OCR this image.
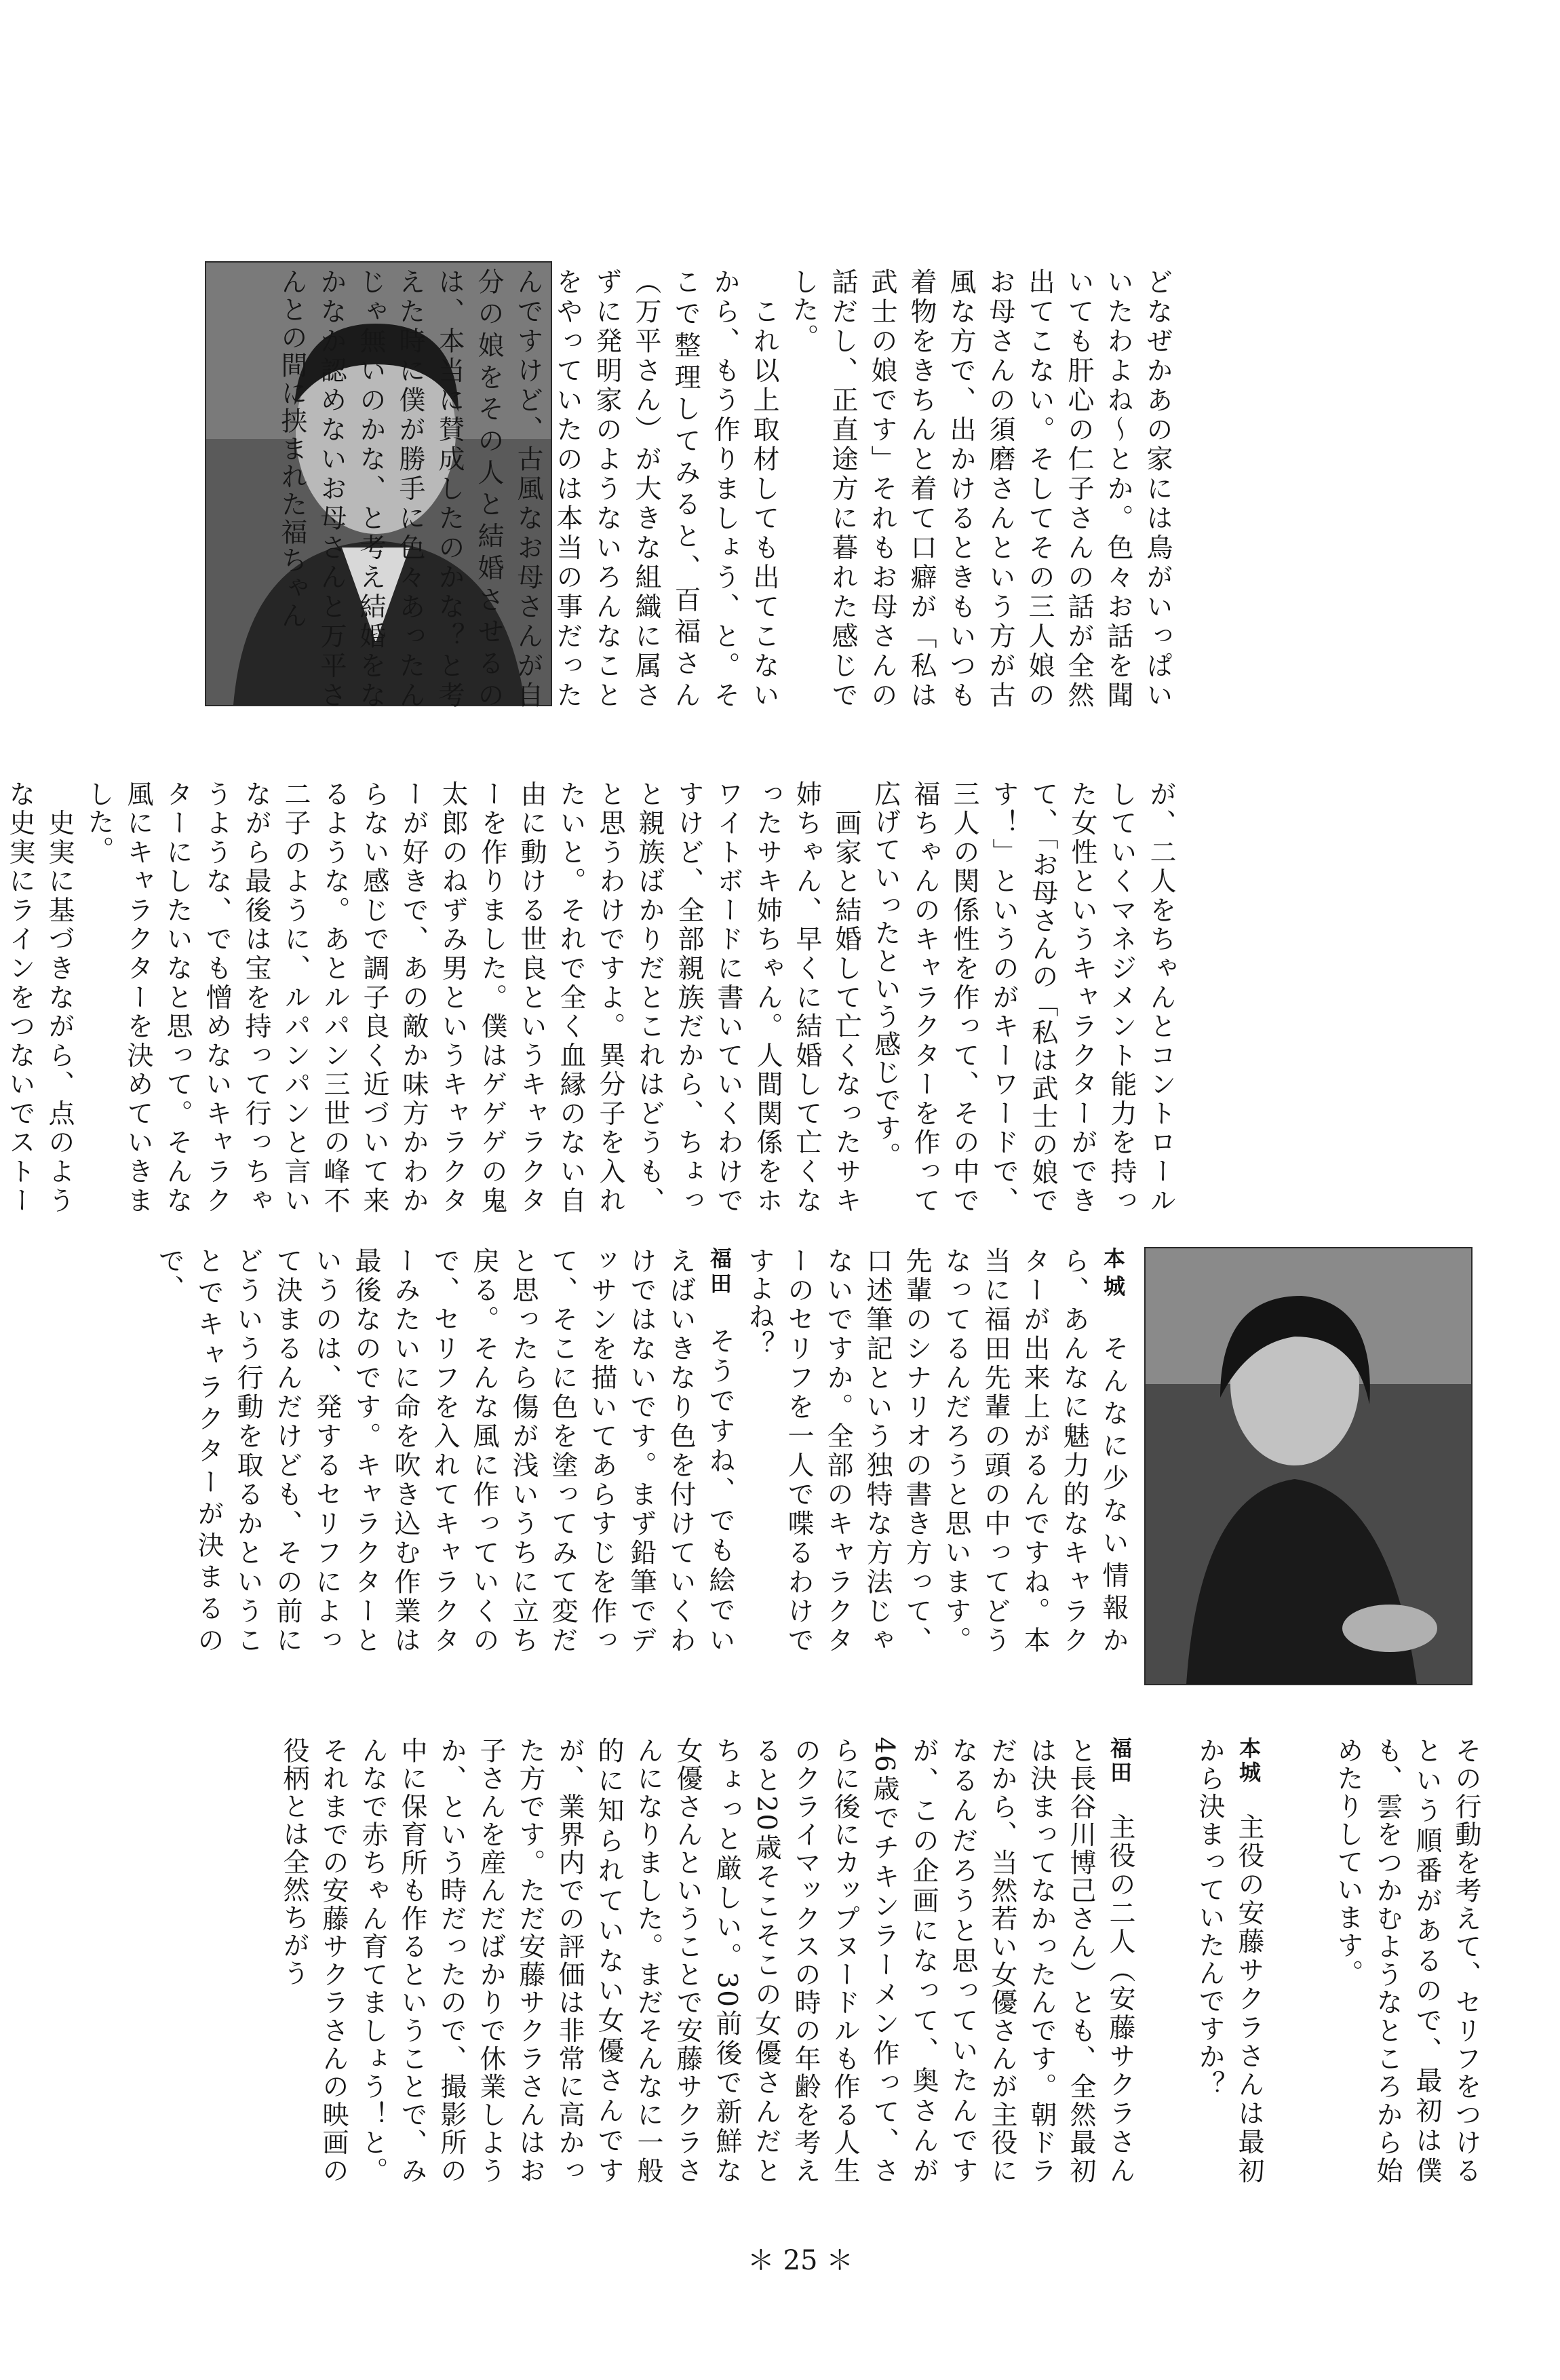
どなぜかあの家には鳥がいっぱいいたわよね〜とか。色々お話を聞いても肝心の仁子さんの話が全然出てこない。そしてその三人娘のお母さんの須磨さんという方が古風な方で、出かけるときもいつも着物をきちんと着て口癖が「私は武士の娘です」それもお母さんの話だし、正直途方に暮れた感じでした。
　これ以上取材しても出てこないから、もう作りましょう、と。そこで整理してみると、百福さん（万平さん）が大きな組織に属さずに発明家のようないろんなことをやっていたのは本当の事だったんですけど、古風なお母さんが自分の娘をその人と結婚させるのは、本当に賛成したのかな？と考えた時に僕が勝手に色々あったんじゃ無いのかな、と考え結婚をなかなか認めないお母さんと万平さんとの間に挟まれた福ちゃん

が、二人をちゃんとコントロールしていくマネジメント能力を持った女性というキャラクターができて、「お母さんの「私は武士の娘です！」というのがキーワードで、三人の関係性を作って、その中で福ちゃんのキャラクターを作って広げていったという感じです。
　画家と結婚して亡くなったサキ姉ちゃん、早くに結婚して亡くなったサキ姉ちゃん。人間関係をホワイトボードに書いていくわけですけど、全部親族だから、ちょっと親族ばかりだとこれはどうも、と思うわけですよ。異分子を入れたいと。それで全く血縁のない自由に動ける世良というキャラクターを作りました。僕はゲゲゲの鬼太郎のねずみ男というキャラクターが好きで、あの敵か味方かわからない感じで調子良く近づいて来るような。あとルパン三世の峰不二子のように、ルパンパンと言いながら最後は宝を持って行っちゃうような、でも憎めないキャラクターにしたいなと思って。そんな風にキャラクターを決めていきました。
　史実に基づきながら、点のような史実にラインをつないでストー

本城　そんなに少ない情報から、あんなに魅力的なキャラクターが出来上がるんですね。本当に福田先輩の頭の中ってどうなってるんだろうと思います。先輩のシナリオの書き方って、口述筆記という独特な方法じゃないですか。全部のキャラクターのセリフを一人で喋るわけですよね？

福田　そうですね、でも絵でいえばいきなり色を付けていくわけではないです。まず鉛筆でデッサンを描いてあらすじを作って、そこに色を塗ってみて変だと思ったら傷が浅いうちに立ち戻る。そんな風に作っていくので、セリフを入れてキャラクターみたいに命を吹き込む作業は最後なのです。キャラクターというのは、発するセリフによって決まるんだけども、その前にどういう行動を取るかということでキャラクターが決まるので、

その行動を考えて、セリフをつけるという順番があるので、最初は僕も、雲をつかむようなところから始めたりしています。

本城　主役の安藤サクラさんは最初から決まっていたんですか？

福田　主役の二人（安藤サクラさんと長谷川博己さん）とも、全然最初は決まってなかったんです。朝ドラだから、当然若い女優さんが主役になるんだろうと思っていたんですが、この企画になって、奥さんが46歳でチキンラーメン作って、さらに後にカップヌードルも作る人生のクライマックスの時の年齢を考えると20歳そこそこの女優さんだとちょっと厳しい。30前後で新鮮な女優さんということで安藤サクラさんになりました。まだそんなに一般的に知られていない女優さんですが、業界内での評価は非常に高かった方です。ただ安藤サクラさんはお子さんを産んだばかりで休業しようか、という時だったので、撮影所の中に保育所も作るということで、みんなで赤ちゃん育てましょう！と。それまでの安藤サクラさんの映画の役柄とは全然ちがう

＊ 25 ＊
